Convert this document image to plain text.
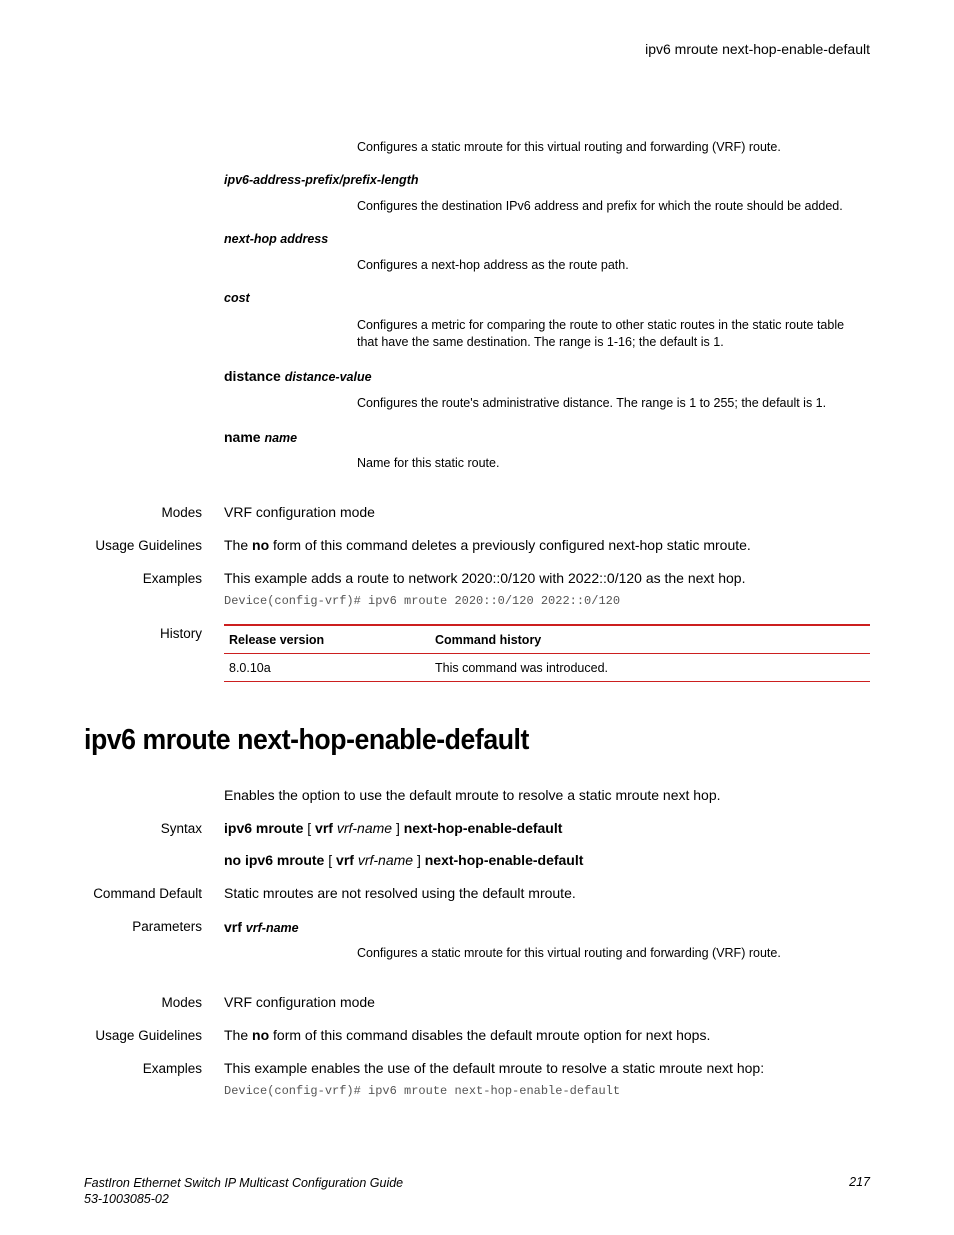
ipv6 mroute next-hop-enable-default
Configures a static mroute for this virtual routing and forwarding (VRF) route.
ipv6-address-prefix/prefix-length
Configures the destination IPv6 address and prefix for which the route should be added.
next-hop address
Configures a next-hop address as the route path.
cost
Configures a metric for comparing the route to other static routes in the static route table that have the same destination. The range is 1-16; the default is 1.
distance distance-value
Configures the route's administrative distance. The range is 1 to 255; the default is 1.
name name
Name for this static route.
Modes VRF configuration mode
Usage Guidelines The no form of this command deletes a previously configured next-hop static mroute.
Examples This example adds a route to network 2020::0/120 with 2022::0/120 as the next hop.
Device(config-vrf)# ipv6 mroute 2020::0/120 2022::0/120
History Release version	Command history
8.0.10a	This command was introduced.
ipv6 mroute next-hop-enable-default
Enables the option to use the default mroute to resolve a static mroute next hop.
Syntax ipv6 mroute [ vrf vrf-name ] next-hop-enable-default
no ipv6 mroute [ vrf vrf-name ] next-hop-enable-default
Command Default Static mroutes are not resolved using the default mroute.
Parameters vrf vrf-name
Configures a static mroute for this virtual routing and forwarding (VRF) route.
Modes VRF configuration mode
Usage Guidelines The no form of this command disables the default mroute option for next hops.
Examples This example enables the use of the default mroute to resolve a static mroute next hop:
Device(config-vrf)# ipv6 mroute next-hop-enable-default
FastIron Ethernet Switch IP Multicast Configuration Guide
53-1003085-02
217
